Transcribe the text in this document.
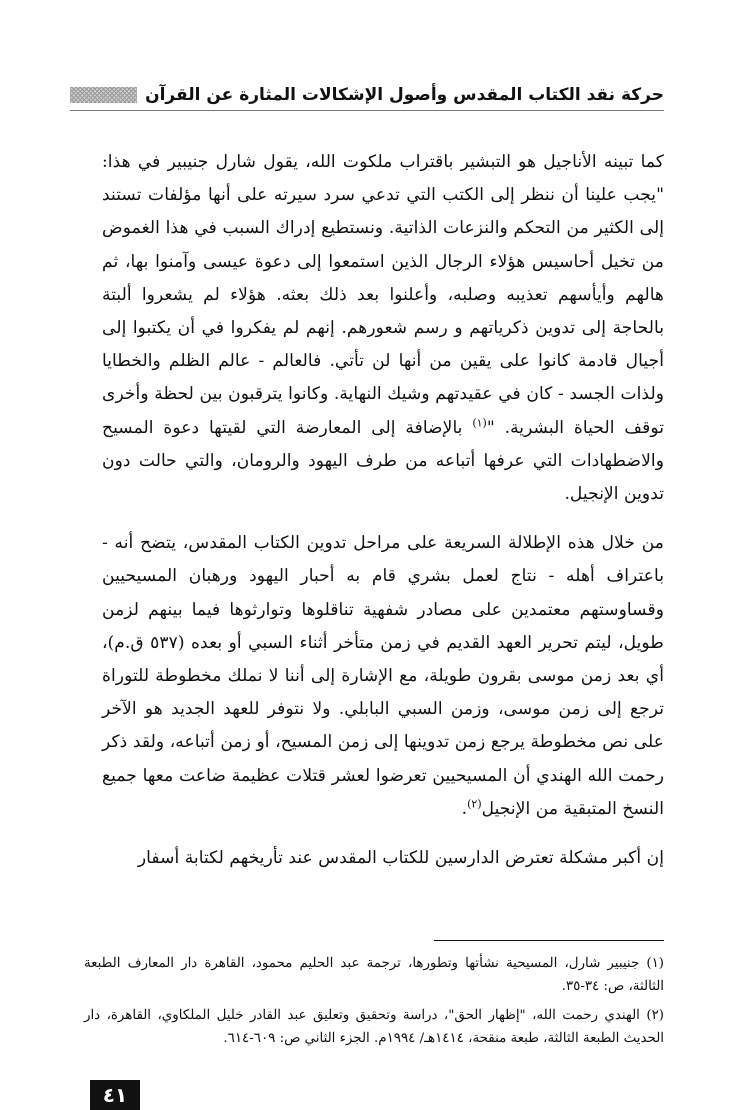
حركة نقد الكتاب المقدس وأصول الإشكالات المثارة عن القرآن

كما تبينه الأناجيل هو التبشير باقتراب ملكوت الله، يقول شارل جنيبير في هذا: "يجب علينا أن ننظر إلى الكتب التي تدعي سرد سيرته على أنها مؤلفات تستند إلى الكثير من التحكم والنزعات الذاتية. ونستطيع إدراك السبب في هذا الغموض من تخيل أحاسيس هؤلاء الرجال الذين استمعوا إلى دعوة عيسى وآمنوا بها، ثم هالهم وأيأسهم تعذيبه وصلبه، وأعلنوا بعد ذلك بعثه. هؤلاء لم يشعروا ألبتة بالحاجة إلى تدوين ذكرياتهم و رسم شعورهم. إنهم لم يفكروا في أن يكتبوا إلى أجيال قادمة كانوا على يقين من أنها لن تأتي. فالعالم - عالم الظلم والخطايا ولذات الجسد - كان في عقيدتهم وشيك النهاية. وكانوا يترقبون بين لحظة وأخرى توقف الحياة البشرية. "$^{(١)}$ بالإضافة إلى المعارضة التي لقيتها دعوة المسيح والاضطهادات التي عرفها أتباعه من طرف اليهود والرومان، والتي حالت دون تدوين الإنجيل.

من خلال هذه الإطلالة السريعة على مراحل تدوين الكتاب المقدس، يتضح أنه - باعتراف أهله - نتاج لعمل بشري قام به أحبار اليهود ورهبان المسيحيين وقساوستهم معتمدين على مصادر شفهية تناقلوها وتوارثوها فيما بينهم لزمن طويل، ليتم تحرير العهد القديم في زمن متأخر أثناء السبي أو بعده (٥٣٧ ق.م)، أي بعد زمن موسى بقرون طويلة، مع الإشارة إلى أننا لا نملك مخطوطة للتوراة ترجع إلى زمن موسى، وزمن السبي البابلي. ولا نتوفر للعهد الجديد هو الآخر على نص مخطوطة يرجع زمن تدوينها إلى زمن المسيح، أو زمن أتباعه، ولقد ذكر رحمت الله الهندي أن المسيحيين تعرضوا لعشر قتلات عظيمة ضاعت معها جميع النسخ المتبقية من الإنجيل$^{(٢)}$.

إن أكبر مشكلة تعترض الدارسين للكتاب المقدس عند تأريخهم لكتابة أسفار

(١) جنيبير شارل، المسيحية نشأتها وتطورها، ترجمة عبد الحليم محمود، القاهرة دار المعارف الطبعة الثالثة، ص: ٣٤-٣٥.

(٢) الهندي رحمت الله، "إظهار الحق"، دراسة وتحقيق وتعليق عبد القادر خليل الملكاوي، القاهرة، دار الحديث الطبعة الثالثة، طبعة منقحة، ١٤١٤هـ/ ١٩٩٤م. الجزء الثاني ص: ٦٠٩-٦١٤.

٤١
